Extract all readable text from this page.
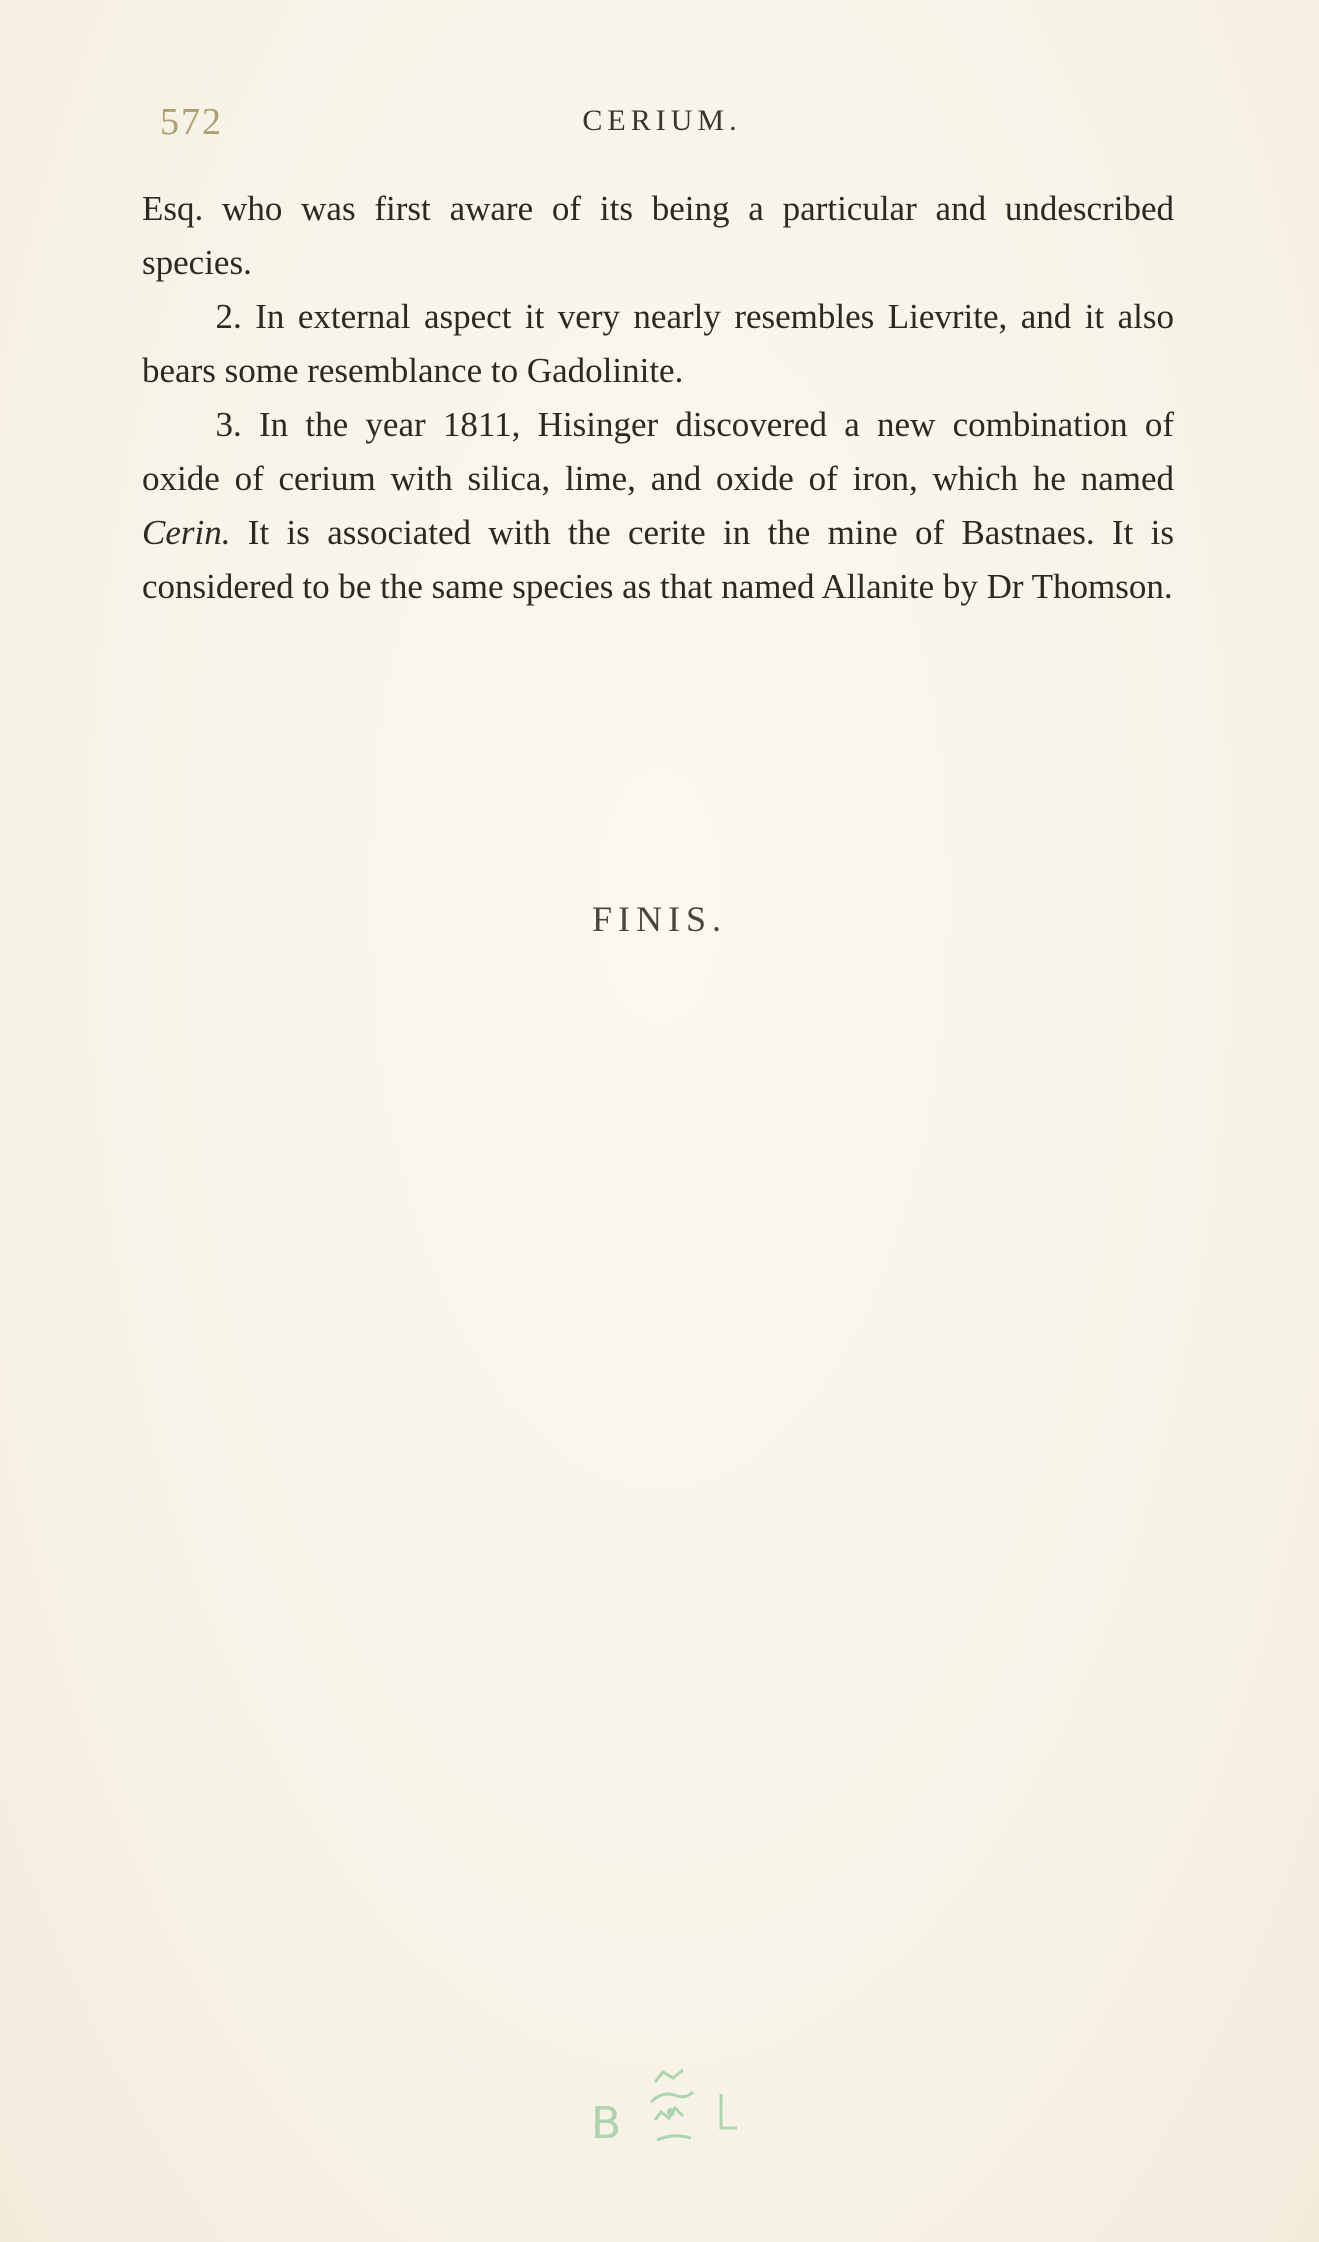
572	CERIUM.

Esq. who was first aware of its being a particular and undescribed species.

2. In external aspect it very nearly resembles Lievrite, and it also bears some resemblance to Gadolinite.

3. In the year 1811, Hisinger discovered a new combination of oxide of cerium with silica, lime, and oxide of iron, which he named Cerin. It is associated with the cerite in the mine of Bastnaes. It is considered to be the same species as that named Allanite by Dr Thomson.

FINIS.
B
